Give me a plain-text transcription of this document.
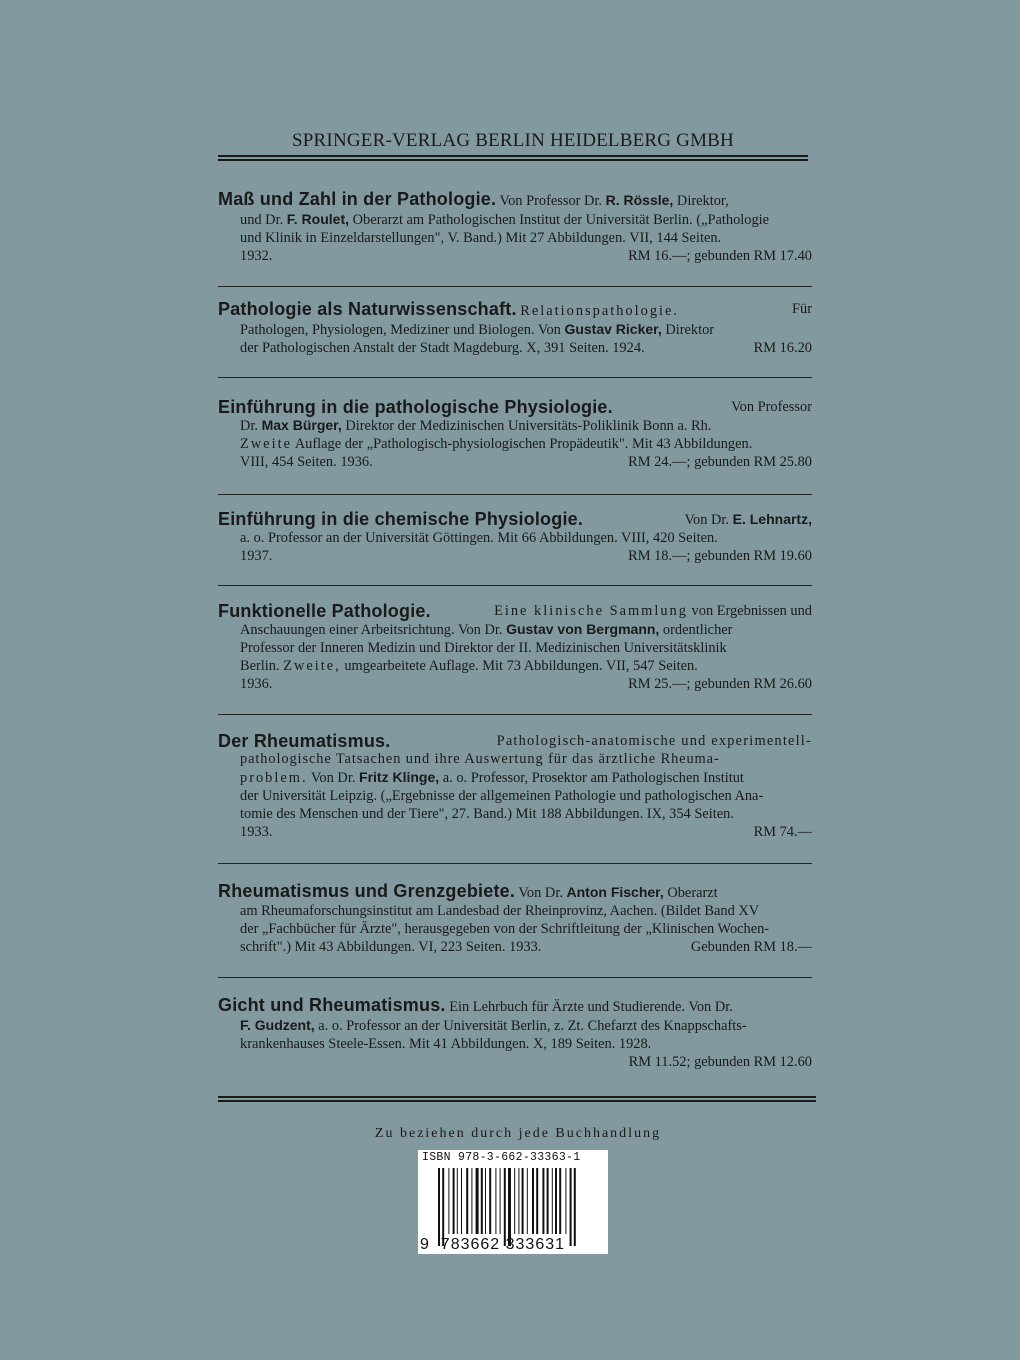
SPRINGER-VERLAG BERLIN HEIDELBERG GMBH
Maß und Zahl in der Pathologie. Von Professor Dr. R. Rössle, Direktor,
und Dr. F. Roulet, Oberarzt am Pathologischen Institut der Universität Berlin. („Pathologie
und Klinik in Einzeldarstellungen", V. Band.) Mit 27 Abbildungen. VII, 144 Seiten.
1932.	RM 16.—; gebunden RM 17.40
Pathologie als Naturwissenschaft. Relationspathologie.	Für
Pathologen, Physiologen, Mediziner und Biologen. Von Gustav Ricker, Direktor
der Pathologischen Anstalt der Stadt Magdeburg. X, 391 Seiten. 1924.	RM 16.20
Einführung in die pathologische Physiologie.	Von Professor
Dr. Max Bürger, Direktor der Medizinischen Universitäts-Poliklinik Bonn a. Rh.
Zweite Auflage der „Pathologisch-physiologischen Propädeutik". Mit 43 Abbildungen.
VIII, 454 Seiten. 1936.	RM 24.—; gebunden RM 25.80
Einführung in die chemische Physiologie.	Von Dr. E. Lehnartz,
a. o. Professor an der Universität Göttingen. Mit 66 Abbildungen. VIII, 420 Seiten.
1937.	RM 18.—; gebunden RM 19.60
Funktionelle Pathologie.	Eine klinische Sammlung von Ergebnissen und
Anschauungen einer Arbeitsrichtung. Von Dr. Gustav von Bergmann, ordentlicher
Professor der Inneren Medizin und Direktor der II. Medizinischen Universitätsklinik
Berlin. Zweite, umgearbeitete Auflage. Mit 73 Abbildungen. VII, 547 Seiten.
1936.	RM 25.—; gebunden RM 26.60
Der Rheumatismus.	Pathologisch-anatomische und experimentell-
pathologische Tatsachen und ihre Auswertung für das ärztliche Rheuma-
problem. Von Dr. Fritz Klinge, a. o. Professor, Prosektor am Pathologischen Institut
der Universität Leipzig. („Ergebnisse der allgemeinen Pathologie und pathologischen Ana-
tomie des Menschen und der Tiere", 27. Band.) Mit 188 Abbildungen. IX, 354 Seiten.
1933.	RM 74.—
Rheumatismus und Grenzgebiete. Von Dr. Anton Fischer, Oberarzt
am Rheumaforschungsinstitut am Landesbad der Rheinprovinz, Aachen. (Bildet Band XV
der „Fachbücher für Ärzte", herausgegeben von der Schriftleitung der „Klinischen Wochen-
schrift".) Mit 43 Abbildungen. VI, 223 Seiten. 1933.	Gebunden RM 18.—
Gicht und Rheumatismus. Ein Lehrbuch für Ärzte und Studierende. Von Dr.
F. Gudzent, a. o. Professor an der Universität Berlin, z. Zt. Chefarzt des Knappschafts-
krankenhauses Steele-Essen. Mit 41 Abbildungen. X, 189 Seiten. 1928.
RM 11.52; gebunden RM 12.60
Zu beziehen durch jede Buchhandlung
ISBN 978-3-662-33363-1
9 783662 333631
